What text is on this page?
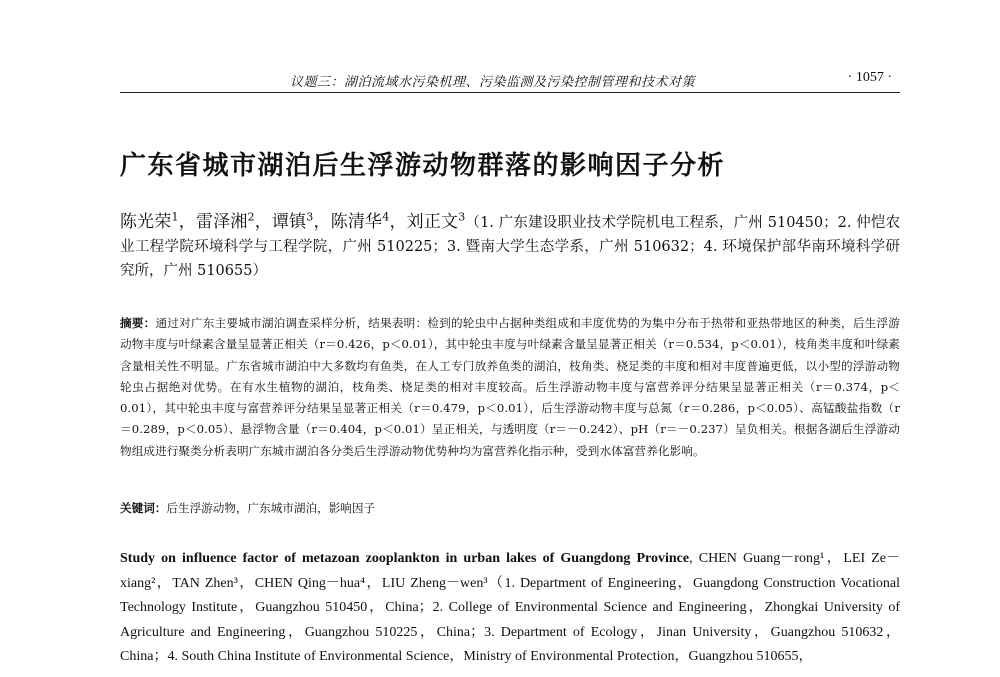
议题三：湖泊流域水污染机理、污染监测及污染控制管理和技术对策	· 1057 ·
广东省城市湖泊后生浮游动物群落的影响因子分析
陈光荣$^1$，雷泽湘$^2$，谭镇$^3$，陈清华$^4$，刘正文$^3$（1. 广东建设职业技术学院机电工程系，广州 510450；2. 仲恺农业工程学院环境科学与工程学院，广州 510225；3. 暨南大学生态学系，广州 510632；4. 环境保护部华南环境科学研究所，广州 510655）
摘要：通过对广东主要城市湖泊调查采样分析，结果表明：检到的轮虫中占据种类组成和丰度优势的为集中分布于热带和亚热带地区的种类，后生浮游动物丰度与叶绿素含量呈显著正相关（r＝0.426，p＜0.01），其中轮虫丰度与叶绿素含量呈显著正相关（r＝0.534，p＜0.01），枝角类丰度和叶绿素含量相关性不明显。广东省城市湖泊中大多数均有鱼类，在人工专门放养鱼类的湖泊，枝角类、桡足类的丰度和相对丰度普遍更低，以小型的浮游动物轮虫占据绝对优势。在有水生植物的湖泊，枝角类、桡足类的相对丰度较高。后生浮游动物丰度与富营养评分结果呈显著正相关（r＝0.374，p＜0.01），其中轮虫丰度与富营养评分结果呈显著正相关（r＝0.479，p＜0.01），后生浮游动物丰度与总氮（r＝0.286，p＜0.05）、高锰酸盐指数（r＝0.289，p＜0.05）、悬浮物含量（r＝0.404，p＜0.01）呈正相关，与透明度（r＝－0.242）、pH（r＝－0.237）呈负相关。根据各湖后生浮游动物组成进行聚类分析表明广东城市湖泊各分类后生浮游动物优势种均为富营养化指示种，受到水体富营养化影响。
关键词：后生浮游动物，广东城市湖泊，影响因子
Study on influence factor of metazoan zooplankton in urban lakes of Guangdong Province, CHEN Guang－rong¹，LEI Ze－xiang²，TAN Zhen³，CHEN Qing－hua⁴，LIU Zheng－wen³（1. Department of Engineering，Guangdong Construction Vocational Technology Institute，Guangzhou 510450，China；2. College of Environmental Science and Engineering，Zhongkai University of Agriculture and Engineering，Guangzhou 510225，China；3. Department of Ecology，Jinan University，Guangzhou 510632，China；4. South China Institute of Environmental Science，Ministry of Environmental Protection，Guangzhou 510655，
